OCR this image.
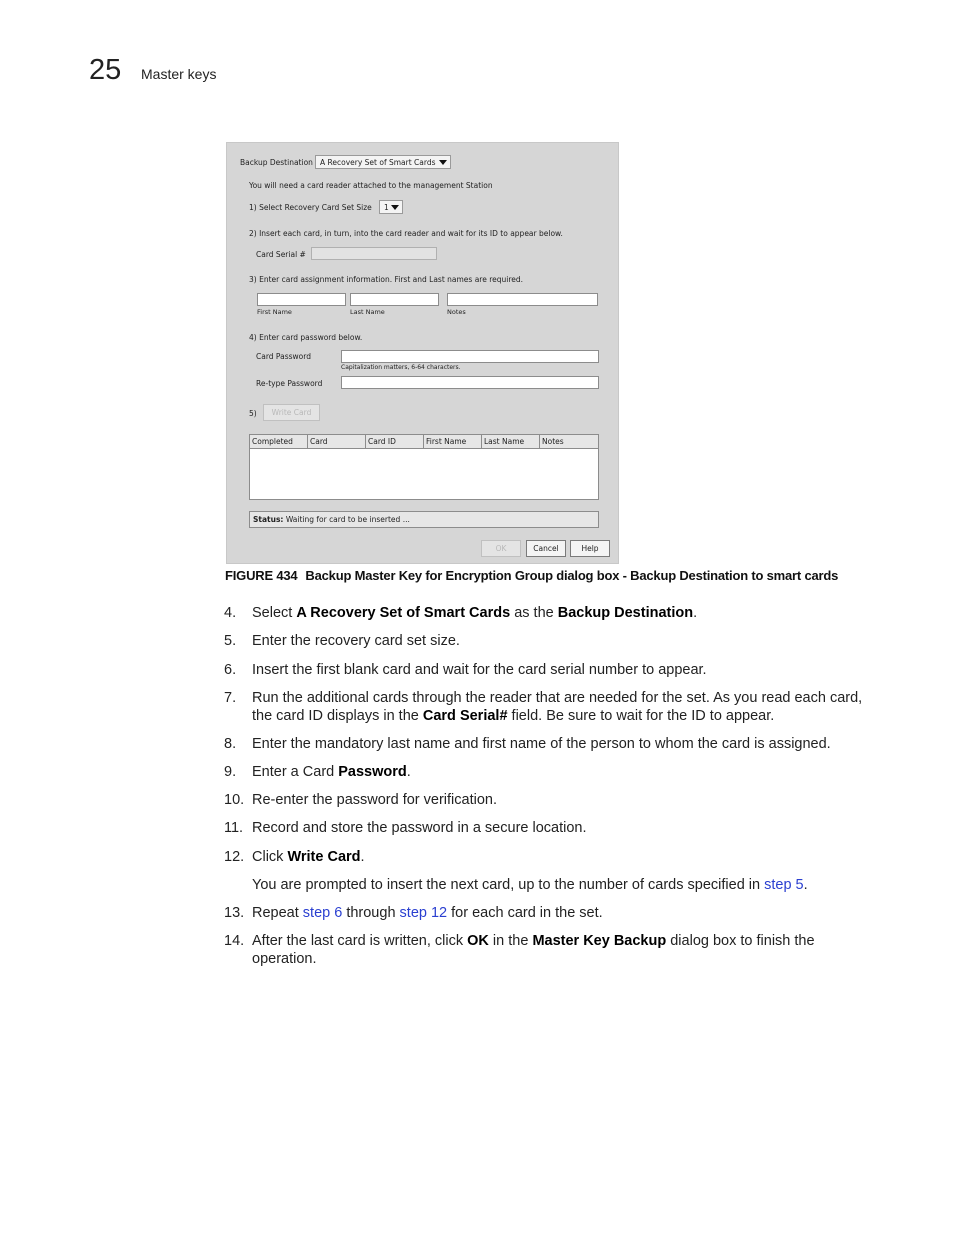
25 Master keys
Backup Destination A Recovery Set of Smart Cards
You will need a card reader attached to the management Station
1) Select Recovery Card Set Size 1
2) Insert each card, in turn, into the card reader and wait for its ID to appear below.
Card Serial #
3) Enter card assignment information. First and Last names are required.
First Name	Last Name	Notes
4) Enter card password below.
Card Password
Capitalization matters, 6-64 characters.
Re-type Password
5)	Write Card
Completed	Card	Card ID	First Name	Last Name	Notes
Status: Waiting for card to be inserted ...
OK	Cancel	Help
FIGURE 434 Backup Master Key for Encryption Group dialog box - Backup Destination to smart cards
4.	Select A Recovery Set of Smart Cards as the Backup Destination.
5.	Enter the recovery card set size.
6.	Insert the first blank card and wait for the card serial number to appear.
7.	Run the additional cards through the reader that are needed for the set. As you read each card, the card ID displays in the Card Serial# field. Be sure to wait for the ID to appear.
8.	Enter the mandatory last name and first name of the person to whom the card is assigned.
9.	Enter a Card Password.
10. Re-enter the password for verification.
11. Record and store the password in a secure location.
12. Click Write Card.
You are prompted to insert the next card, up to the number of cards specified in step 5.
13. Repeat step 6 through step 12 for each card in the set.
14. After the last card is written, click OK in the Master Key Backup dialog box to finish the operation.
